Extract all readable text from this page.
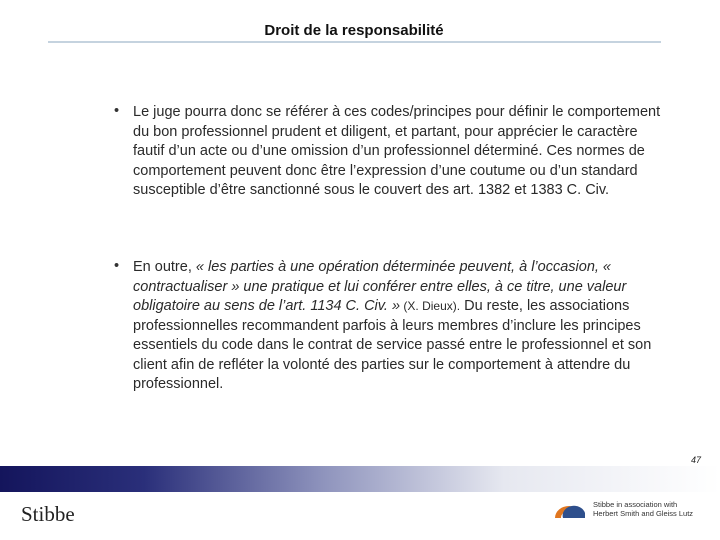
Droit de la responsabilité
• Le juge pourra donc se référer à ces codes/principes pour définir le comportement du bon professionnel prudent et diligent, et partant, pour apprécier le caractère fautif d’un acte ou d’une omission d’un professionnel déterminé. Ces normes de comportement peuvent donc être l’expression d’une coutume ou d’un standard susceptible d’être sanctionné sous le couvert des art. 1382 et 1383 C. Civ.
• En outre, « les parties à une opération déterminée peuvent, à l’occasion, « contractualiser » une pratique et lui conférer entre elles, à ce titre, une valeur obligatoire au sens de l’art. 1134 C. Civ. » (X. Dieux). Du reste, les associations professionnelles recommandent parfois à leurs membres d’inclure les principes essentiels du code dans le contrat de service passé entre le professionnel et son client afin de refléter la volonté des parties sur le comportement à attendre du professionnel.
47
Stibbe	Stibbe in association with
Herbert Smith and Gleiss Lutz
